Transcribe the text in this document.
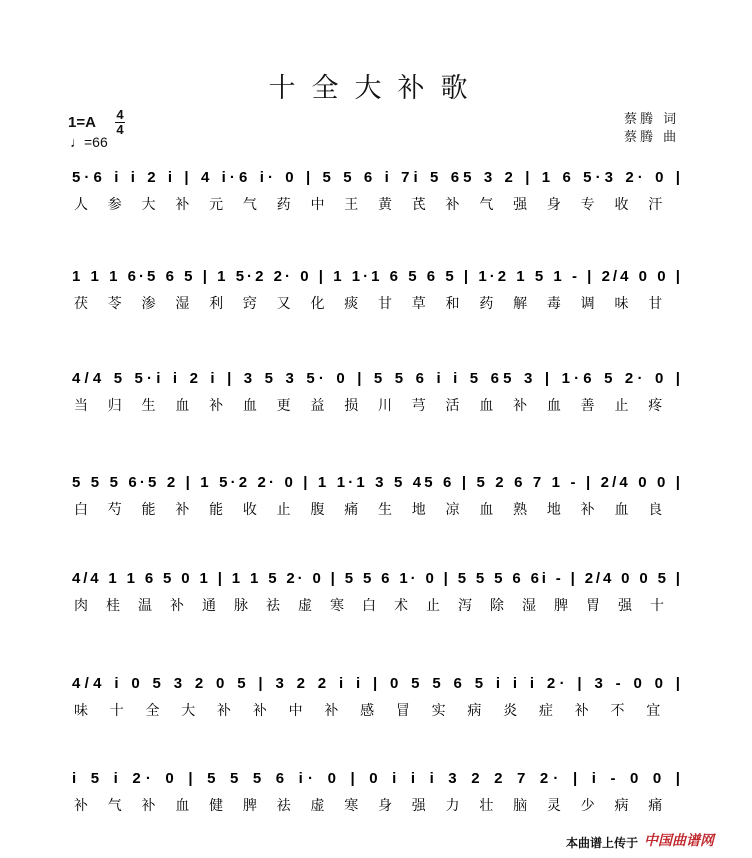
十全大补歌
1=A 4
4
♩=66
蔡腾 词
蔡腾 曲
5·6 i i 2 i | 4 i·6 i· 0 | 5 5 6 i 7i 5 65 3 2 | 1 6 5·3 2· 0 |
人 参 大 补 元 气 药 中 王 黄 芪 补 气 强 身 专 收 汗
1 1 1 6·5 6 5 | 1 5·2 2· 0 | 1 1·1 6 5 6 5 | 1·2 1 5 1 - | 2/4 0 0 |
茯 苓 渗 湿 利 窍 又 化 痰 甘 草 和 药 解 毒 调 味 甘
4/4 5 5·i i 2 i | 3 5 3 5· 0 | 5 5 6 i i 5 65 3 | 1·6 5 2· 0 |
当 归 生 血 补 血 更 益 损 川 芎 活 血 补 血 善 止 疼
5 5 5 6·5 2 | 1 5·2 2· 0 | 1 1·1 3 5 45 6 | 5 2 6 7 1 - | 2/4 0 0 |
白 芍 能 补 能 收 止 腹 痛 生 地 凉 血 熟 地 补 血 良
4/4 1 1 6 5 0 1 | 1 1 5 2· 0 | 5 5 6 1· 0 | 5 5 5 6 6i - | 2/4 0 0 5 |
肉 桂 温 补 通 脉 祛 虚 寒 白 术 止 泻 除 湿 脾 胃 强 十
4/4 i 0 5 3 2 0 5 | 3 2 2 i i | 0 5 5 6 5 i i i 2· | 3 - 0 0 |
味 十 全 大 补 补 中 补 感 冒 实 病 炎 症 补 不 宜
i 5 i 2· 0 | 5 5 5 6 i· 0 | 0 i i i 3 2 2 7 2· | i - 0 0 |
补 气 补 血 健 脾 祛 虚 寒 身 强 力 壮 脑 灵 少 病 痛
本曲谱上传于 中国曲谱网
